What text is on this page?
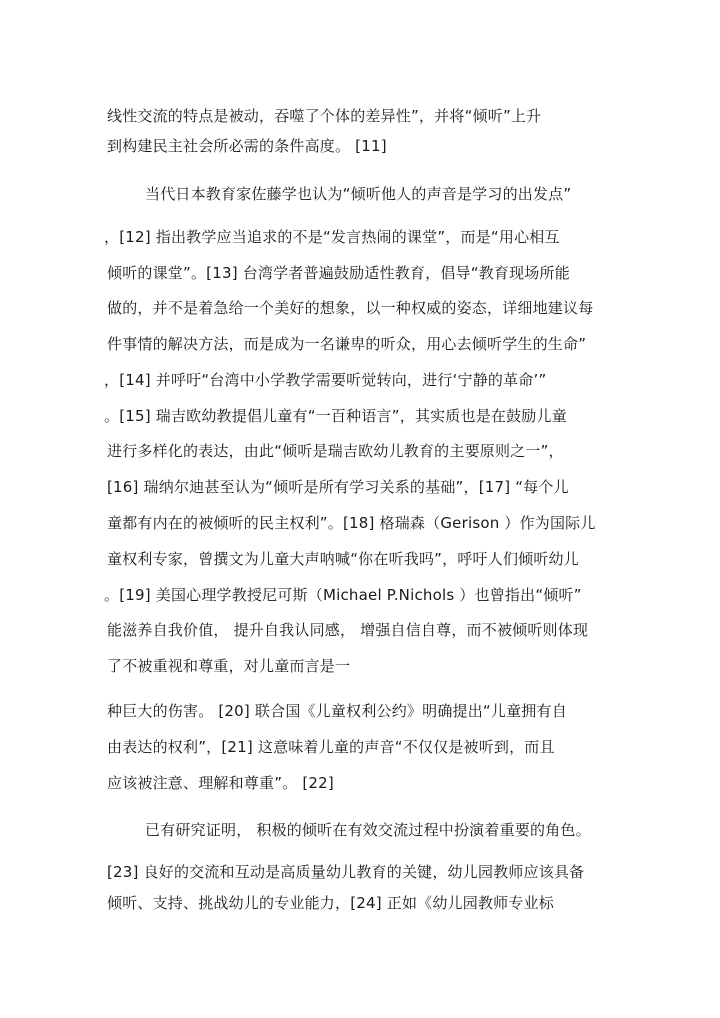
线性交流的特点是被动，吞噬了个体的差异性”，并将“倾听”上升

到构建民主社会所必需的条件高度。 [11]

当代日本教育家佐藤学也认为“倾听他人的声音是学习的出发点”

，[12] 指出教学应当追求的不是“发言热闹的课堂”，而是“用心相互

倾听的课堂”。[13] 台湾学者普遍鼓励适性教育，倡导“教育现场所能

做的，并不是着急给一个美好的想象，以一种权威的姿态，详细地建议每

件事情的解决方法，而是成为一名谦卑的听众，用心去倾听学生的生命”

，[14] 并呼吁“台湾中小学教学需要听觉转向，进行‘宁静的革命’”

。[15] 瑞吉欧幼教提倡儿童有“一百种语言”，其实质也是在鼓励儿童

进行多样化的表达，由此“倾听是瑞吉欧幼儿教育的主要原则之一”，

[16] 瑞纳尔迪甚至认为“倾听是所有学习关系的基础”，[17] “每个儿

童都有内在的被倾听的民主权利”。[18] 格瑞森（Gerison ）作为国际儿

童权利专家，曾撰文为儿童大声呐喊“你在听我吗”，呼吁人们倾听幼儿

。[19] 美国心理学教授尼可斯（Michael P.Nichols ）也曾指出“倾听”

能滋养自我价值， 提升自我认同感， 增强自信自尊，而不被倾听则体现

了不被重视和尊重，对儿童而言是一

种巨大的伤害。 [20] 联合国《儿童权利公约》明确提出“儿童拥有自

由表达的权利”，[21] 这意味着儿童的声音“不仅仅是被听到，而且

应该被注意、理解和尊重”。 [22]

已有研究证明， 积极的倾听在有效交流过程中扮演着重要的角色。

[23] 良好的交流和互动是高质量幼儿教育的关键，幼儿园教师应该具备

倾听、支持、挑战幼儿的专业能力，[24] 正如《幼儿园教师专业标
